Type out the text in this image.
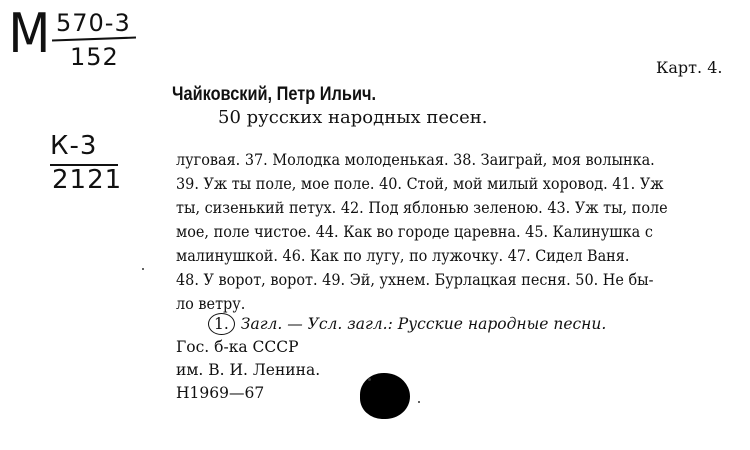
М 570-3
152
К-3
2121
Карт. 4.
Чайковский, Петр Ильич.
50 русских народных песен.
луговая. 37. Молодка молоденькая. 38. Заиграй, моя волынка.
39. Уж ты поле, мое поле. 40. Стой, мой милый хоровод. 41. Уж
ты, сизенький петух. 42. Под яблонью зеленою. 43. Уж ты, поле
мое, поле чистое. 44. Как во городе царевна. 45. Калинушка с
малинушкой. 46. Как по лугу, по лужочку. 47. Сидел Ваня.
48. У ворот, ворот. 49. Эй, ухнем. Бурлацкая песня. 50. Не бы-
ло ветру.
1. Загл. — Усл. загл.: Русские народные песни.
Гос. б-ка СССР
им. В. И. Ленина.
Н1969—67
